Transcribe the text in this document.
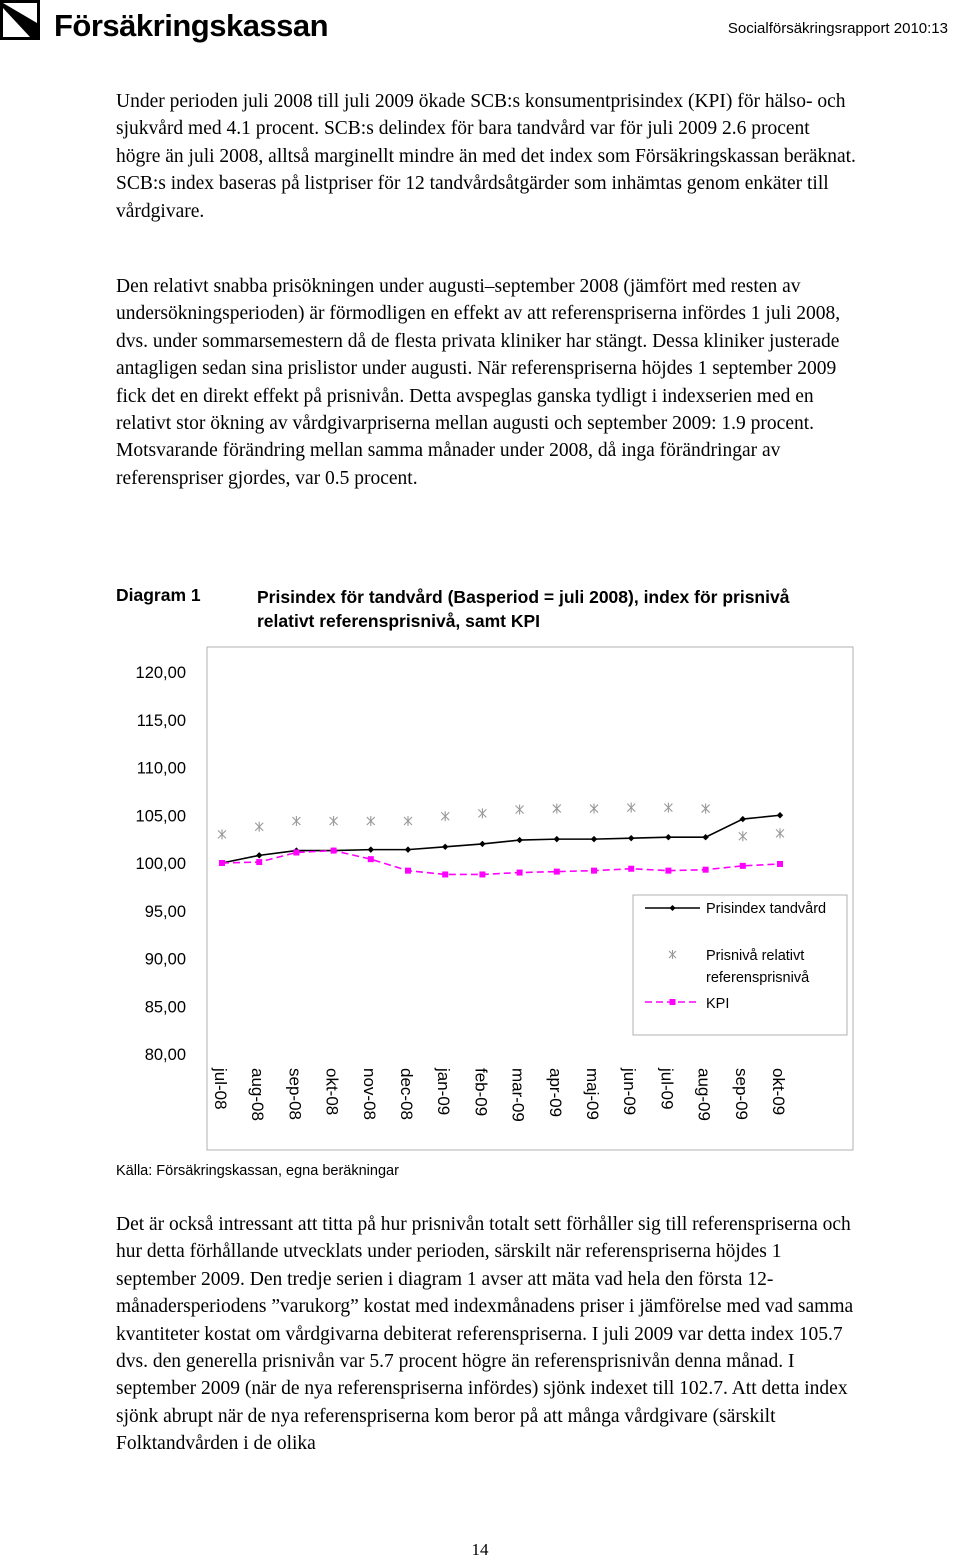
Försäkringskassan	Socialförsäkringsrapport 2010:13

Under perioden juli 2008 till juli 2009 ökade SCB:s konsumentprisindex (KPI) för hälso- och sjukvård med 4.1 procent. SCB:s delindex för bara tandvård var för juli 2009 2.6 procent högre än juli 2008, alltså marginellt mindre än med det index som Försäkringskassan beräknat. SCB:s index baseras på listpriser för 12 tandvårdsåtgärder som inhämtas genom enkäter till vårdgivare.

Den relativt snabba prisökningen under augusti–september 2008 (jämfört med resten av undersökningsperioden) är förmodligen en effekt av att referenspriserna infördes 1 juli 2008, dvs. under sommarsemestern då de flesta privata kliniker har stängt. Dessa kliniker justerade antagligen sedan sina prislistor under augusti. När referenspriserna höjdes 1 september 2009 fick det en direkt effekt på prisnivån. Detta avspeglas ganska tydligt i indexserien med en relativt stor ökning av vårdgivarpriserna mellan augusti och september 2009: 1.9 procent. Motsvarande förändring mellan samma månader under 2008, då inga förändringar av referenspriser gjordes, var 0.5 procent.

Diagram 1	Prisindex för tandvård (Basperiod = juli 2008), index för prisnivå relativt referensprisnivå, samt KPI
120,00
115,00
110,00
105,00
100,00
95,00
90,00
85,00
80,00
jul-08 aug-08 sep-08 okt-08 nov-08 dec-08 jan-09 feb-09 mar-09 apr-09 maj-09 jun-09 jul-09 aug-09 sep-09 okt-09
Prisindex tandvård
Prisnivå relativt
referensprisnivå
KPI
Källa: Försäkringskassan, egna beräkningar

Det är också intressant att titta på hur prisnivån totalt sett förhåller sig till referenspriserna och hur detta förhållande utvecklats under perioden, särskilt när referenspriserna höjdes 1 september 2009. Den tredje serien i diagram 1 avser att mäta vad hela den första 12-månadersperiodens ”varukorg” kostat med indexmånadens priser i jämförelse med vad samma kvantiteter kostat om vårdgivarna debiterat referenspriserna. I juli 2009 var detta index 105.7 dvs. den generella prisnivån var 5.7 procent högre än referensprisnivån denna månad. I september 2009 (när de nya referenspriserna infördes) sjönk indexet till 102.7. Att detta index sjönk abrupt när de nya referenspriserna kom beror på att många vårdgivare (särskilt Folktandvården i de olika

14
